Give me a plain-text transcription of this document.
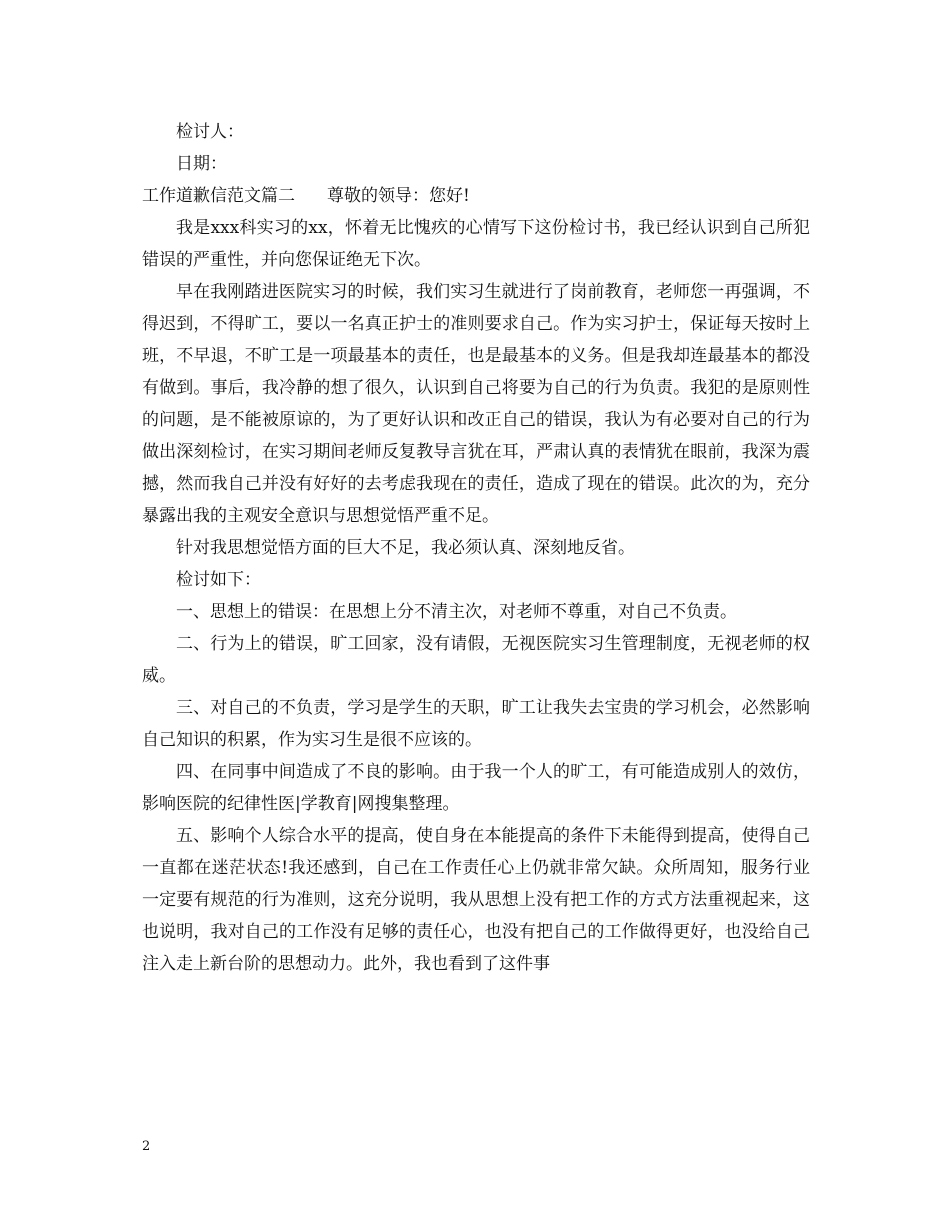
检讨人：
日期：
工作道歉信范文篇二 尊敬的领导：您好!

我是xxx科实习的xx，怀着无比愧疚的心情写下这份检讨书，我已经认识到自己所犯错误的严重性，并向您保证绝无下次。

早在我刚踏进医院实习的时候，我们实习生就进行了岗前教育，老师您一再强调，不得迟到，不得旷工，要以一名真正护士的准则要求自己。作为实习护士，保证每天按时上班，不早退，不旷工是一项最基本的责任，也是最基本的义务。但是我却连最基本的都没有做到。事后，我冷静的想了很久，认识到自己将要为自己的行为负责。我犯的是原则性的问题，是不能被原谅的，为了更好认识和改正自己的错误，我认为有必要对自己的行为做出深刻检讨，在实习期间老师反复教导言犹在耳，严肃认真的表情犹在眼前，我深为震撼，然而我自己并没有好好的去考虑我现在的责任，造成了现在的错误。此次的为，充分暴露出我的主观安全意识与思想觉悟严重不足。

针对我思想觉悟方面的巨大不足，我必须认真、深刻地反省。

检讨如下：

一、思想上的错误：在思想上分不清主次，对老师不尊重，对自己不负责。

二、行为上的错误，旷工回家，没有请假，无视医院实习生管理制度，无视老师的权威。

三、对自己的不负责，学习是学生的天职，旷工让我失去宝贵的学习机会，必然影响自己知识的积累，作为实习生是很不应该的。

四、在同事中间造成了不良的影响。由于我一个人的旷工，有可能造成别人的效仿，影响医院的纪律性医|学教育|网搜集整理。

五、影响个人综合水平的提高，使自身在本能提高的条件下未能得到提高，使得自己一直都在迷茫状态!我还感到，自己在工作责任心上仍就非常欠缺。众所周知，服务行业一定要有规范的行为准则，这充分说明，我从思想上没有把工作的方式方法重视起来，这也说明，我对自己的工作没有足够的责任心，也没有把自己的工作做得更好，也没给自己注入走上新台阶的思想动力。此外，我也看到了这件事

2
